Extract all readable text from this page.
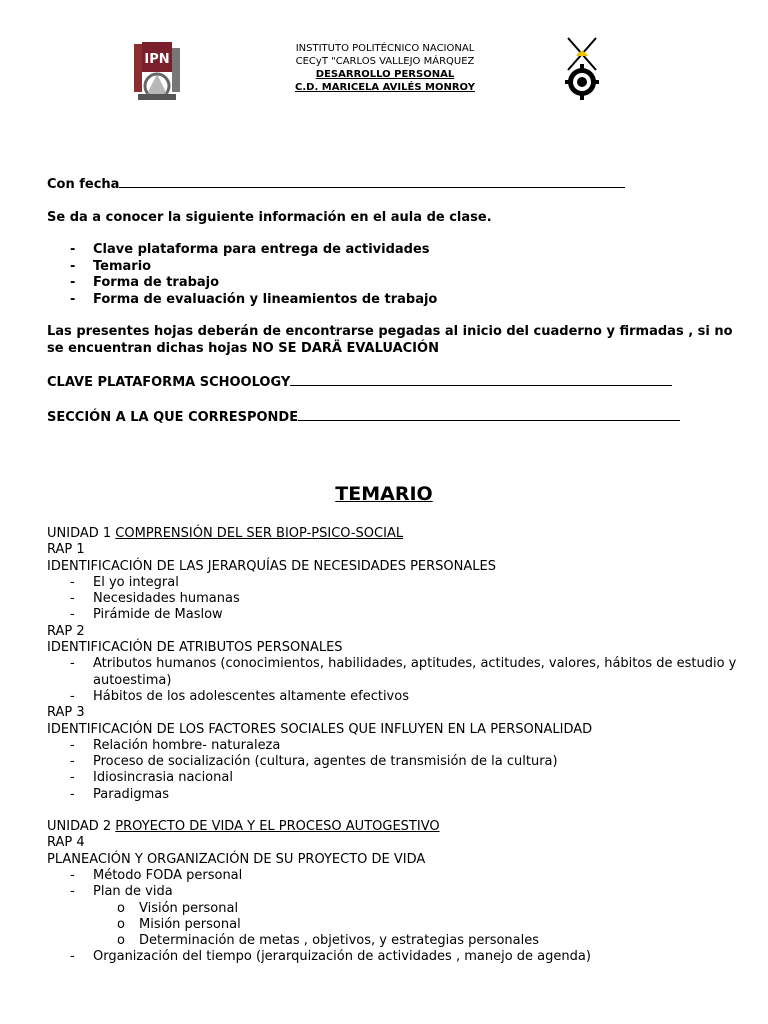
IPN
INSTITUTO POLITÉCNICO NACIONAL
CECyT "CARLOS VALLEJO MÁRQUEZ
DESARROLLO PERSONAL
C.D. MARICELA AVILÉS MONROY

Con fecha

Se da a conocer la siguiente información en el aula de clase.

- Clave plataforma para entrega de actividades
- Temario
- Forma de trabajo
- Forma de evaluación y lineamientos de trabajo

Las presentes hojas deberán de encontrarse pegadas al inicio del cuaderno y firmadas , si no se encuentran dichas hojas NO SE DARÄ EVALUACIÓN

CLAVE PLATAFORMA SCHOOLOGY

SECCIÓN A LA QUE CORRESPONDE

TEMARIO

UNIDAD 1 COMPRENSIÓN DEL SER BIOP-PSICO-SOCIAL

RAP 1

IDENTIFICACIÓN DE LAS JERARQUÍAS DE NECESIDADES PERSONALES

- El yo integral
- Necesidades humanas
- Pirámide de Maslow

RAP 2

IDENTIFICACIÓN DE ATRIBUTOS PERSONALES

- Atributos humanos (conocimientos, habilidades, aptitudes, actitudes, valores, hábitos de estudio y autoestima)
- Hábitos de los adolescentes altamente efectivos

RAP 3

IDENTIFICACIÓN DE LOS FACTORES SOCIALES QUE INFLUYEN EN LA PERSONALIDAD

- Relación hombre- naturaleza
- Proceso de socialización (cultura, agentes de transmisión de la cultura)
- Idiosincrasia nacional
- Paradigmas

UNIDAD 2 PROYECTO DE VIDA Y EL PROCESO AUTOGESTIVO

RAP 4

PLANEACIÓN Y ORGANIZACIÓN DE SU PROYECTO DE VIDA

- Método FODA personal
- Plan de vida
o Visión personal
o Misión personal
o Determinación de metas , objetivos, y estrategias personales
- Organización del tiempo (jerarquización de actividades , manejo de agenda)
